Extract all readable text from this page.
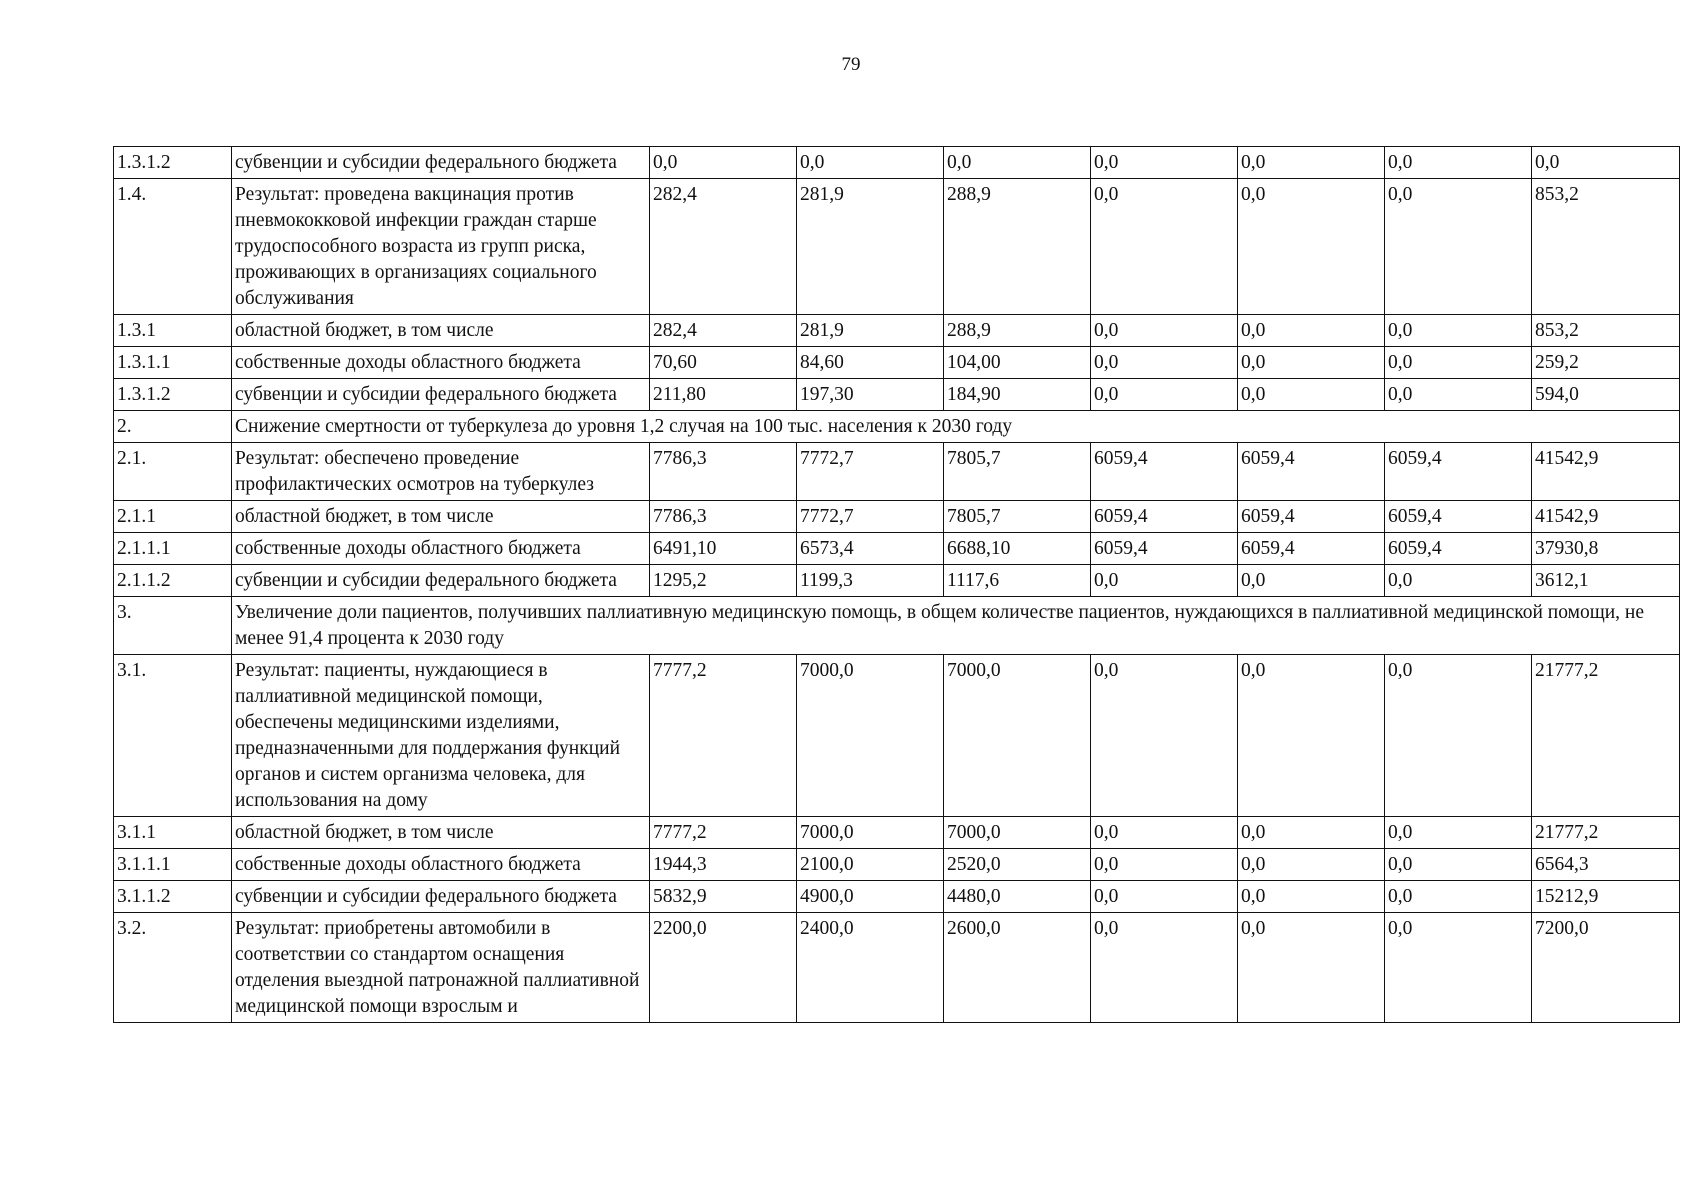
79
1.3.1.2	субвенции и субсидии федерального бюджета	0,0	0,0	0,0	0,0	0,0	0,0	0,0
1.4.	Результат: проведена вакцинация против пневмококковой инфекции граждан старше трудоспособного возраста из групп риска, проживающих в организациях социального обслуживания	282,4	281,9	288,9	0,0	0,0	0,0	853,2
1.3.1	областной бюджет, в том числе	282,4	281,9	288,9	0,0	0,0	0,0	853,2
1.3.1.1	собственные доходы областного бюджета	70,60	84,60	104,00	0,0	0,0	0,0	259,2
1.3.1.2	субвенции и субсидии федерального бюджета	211,80	197,30	184,90	0,0	0,0	0,0	594,0
2.	Снижение смертности от туберкулеза до уровня 1,2 случая на 100 тыс. населения к 2030 году							
2.1.	Результат: обеспечено проведение профилактических осмотров на туберкулез	7786,3	7772,7	7805,7	6059,4	6059,4	6059,4	41542,9
2.1.1	областной бюджет, в том числе	7786,3	7772,7	7805,7	6059,4	6059,4	6059,4	41542,9
2.1.1.1	собственные доходы областного бюджета	6491,10	6573,4	6688,10	6059,4	6059,4	6059,4	37930,8
2.1.1.2	субвенции и субсидии федерального бюджета	1295,2	1199,3	1117,6	0,0	0,0	0,0	3612,1
3.	Увеличение доли пациентов, получивших паллиативную медицинскую помощь, в общем количестве пациентов, нуждающихся в паллиативной медицинской помощи, не менее 91,4 процента к 2030 году							
3.1.	Результат: пациенты, нуждающиеся в паллиативной медицинской помощи, обеспечены медицинскими изделиями, предназначенными для поддержания функций органов и систем организма человека, для использования на дому	7777,2	7000,0	7000,0	0,0	0,0	0,0	21777,2
3.1.1	областной бюджет, в том числе	7777,2	7000,0	7000,0	0,0	0,0	0,0	21777,2
3.1.1.1	собственные доходы областного бюджета	1944,3	2100,0	2520,0	0,0	0,0	0,0	6564,3
3.1.1.2	субвенции и субсидии федерального бюджета	5832,9	4900,0	4480,0	0,0	0,0	0,0	15212,9
3.2.	Результат: приобретены автомобили в соответствии со стандартом оснащения отделения выездной патронажной паллиативной медицинской помощи взрослым и	2200,0	2400,0	2600,0	0,0	0,0	0,0	7200,0
